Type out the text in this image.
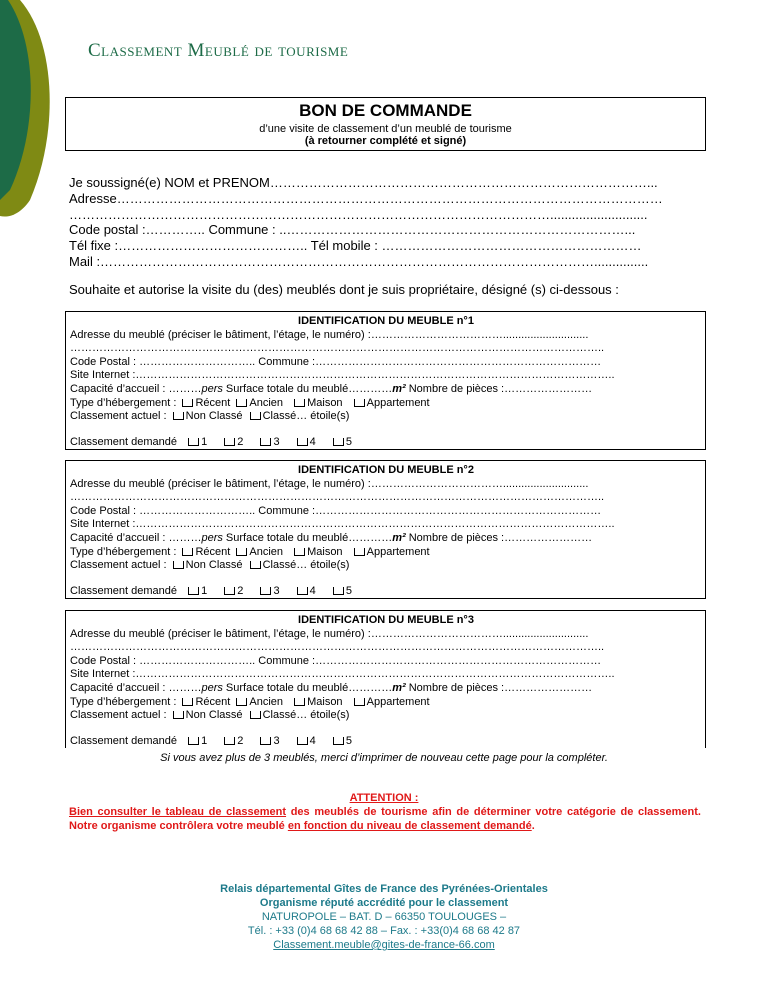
Classement Meublé de tourisme
BON DE COMMANDE
d’une visite de classement d’un meublé de tourisme
(à retourner complété et signé)
Je soussigné(e) NOM et PRENOM……………………………………………………………………………...
Adresse………………………………………………………………………………………………………………
…………………………………………………………………………………………………...........................
Code postal :………….. Commune : ..……………………………………………………………………...
Tél fixe :…………………………………….. Tél mobile : ……………………………………………………
Mail :……………………………………………………………………………………………………...............
Souhaite et autorise la visite du (des) meublés dont je suis propriétaire, désigné (s) ci-dessous :
IDENTIFICATION DU MEUBLE n°1
Adresse du meublé (préciser le bâtiment, l’étage, le numéro) :………………………………............................
………………………………………………………………………………………………………………………………..
Code Postal : ………………………….. Commune :……………………………………………………………………
Site Internet :…………………………………………………………………………………………………………………..
Capacité d’accueil : ………pers Surface totale du meublé…………m² Nombre de pièces :……………………
Type d’hébergement : Récent Ancien Maison Appartement
Classement actuel : Non Classé Classé… étoile(s)
Classement demandé 1	2	3	4	5
IDENTIFICATION DU MEUBLE n°2
Adresse du meublé (préciser le bâtiment, l’étage, le numéro) :………………………………............................
………………………………………………………………………………………………………………………………..
Code Postal : ………………………….. Commune :……………………………………………………………………
Site Internet :…………………………………………………………………………………………………………………..
Capacité d’accueil : ………pers Surface totale du meublé…………m² Nombre de pièces :……………………
Type d’hébergement : Récent Ancien Maison Appartement
Classement actuel : Non Classé Classé… étoile(s)
Classement demandé 1	2	3	4	5
IDENTIFICATION DU MEUBLE n°3
Adresse du meublé (préciser le bâtiment, l’étage, le numéro) :………………………………............................
………………………………………………………………………………………………………………………………..
Code Postal : ………………………….. Commune :……………………………………………………………………
Site Internet :…………………………………………………………………………………………………………………..
Capacité d’accueil : ………pers Surface totale du meublé…………m² Nombre de pièces :……………………
Type d’hébergement : Récent Ancien Maison Appartement
Classement actuel : Non Classé Classé… étoile(s)
Classement demandé 1	2	3	4	5
Si vous avez plus de 3 meublés, merci d’imprimer de nouveau cette page pour la compléter.
ATTENTION :
Bien consulter le tableau de classement des meublés de tourisme afin de déterminer votre catégorie de classement. Notre organisme contrôlera votre meublé en fonction du niveau de classement demandé.
Relais départemental Gîtes de France des Pyrénées-Orientales
Organisme réputé accrédité pour le classement
NATUROPOLE – BAT. D – 66350 TOULOUGES –
Tél. : +33 (0)4 68 68 42 88 – Fax. : +33(0)4 68 68 42 87
Classement.meuble@gites-de-france-66.com
